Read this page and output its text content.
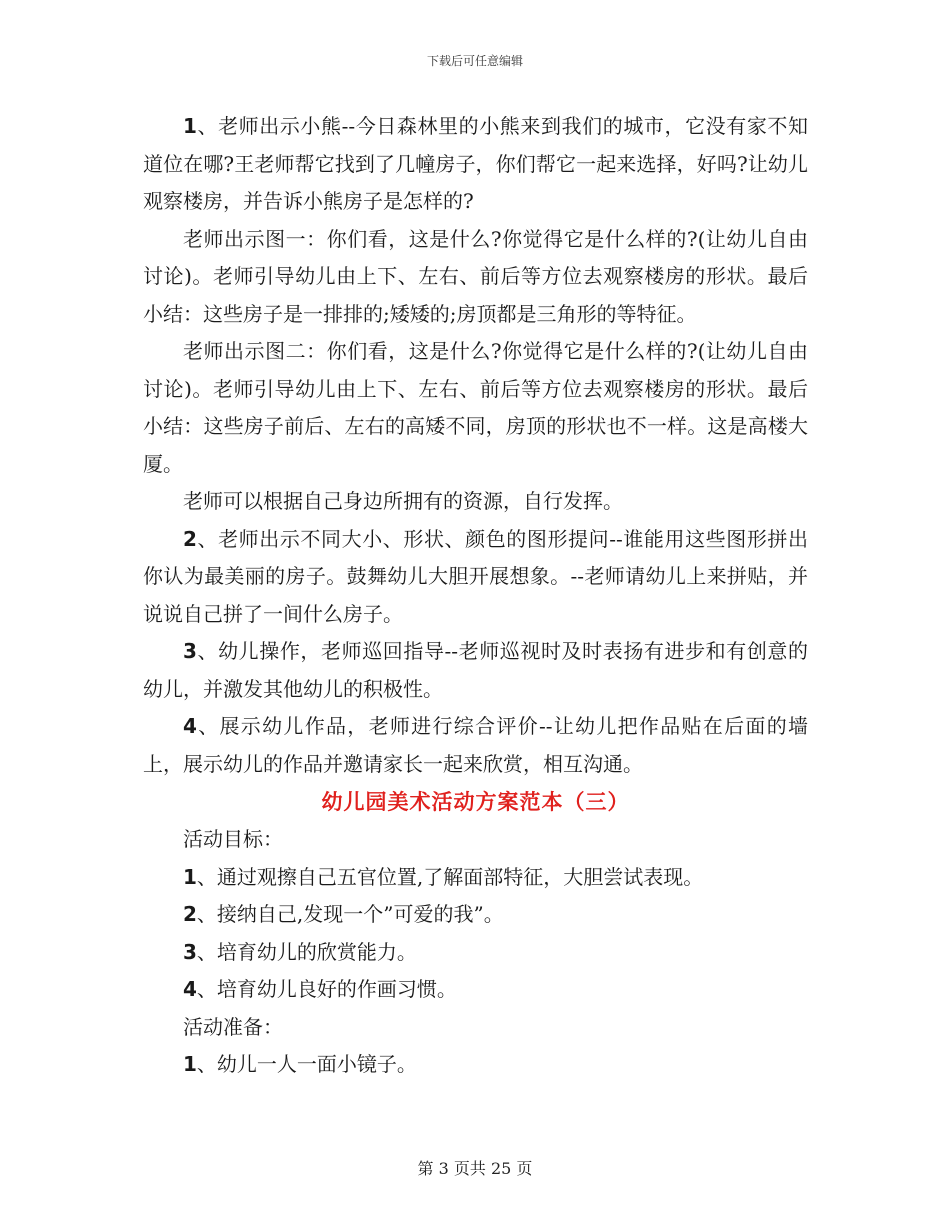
下载后可任意编辑

1、老师出示小熊--今日森林里的小熊来到我们的城市，它没有家不知道位在哪?王老师帮它找到了几幢房子，你们帮它一起来选择，好吗?让幼儿观察楼房，并告诉小熊房子是怎样的?

老师出示图一：你们看，这是什么?你觉得它是什么样的?(让幼儿自由讨论)。老师引导幼儿由上下、左右、前后等方位去观察楼房的形状。最后小结：这些房子是一排排的;矮矮的;房顶都是三角形的等特征。

老师出示图二：你们看，这是什么?你觉得它是什么样的?(让幼儿自由讨论)。老师引导幼儿由上下、左右、前后等方位去观察楼房的形状。最后小结：这些房子前后、左右的高矮不同，房顶的形状也不一样。这是高楼大厦。

老师可以根据自己身边所拥有的资源，自行发挥。

2、老师出示不同大小、形状、颜色的图形提问--谁能用这些图形拼出你认为最美丽的房子。鼓舞幼儿大胆开展想象。--老师请幼儿上来拼贴，并说说自己拼了一间什么房子。

3、幼儿操作，老师巡回指导--老师巡视时及时表扬有进步和有创意的幼儿，并激发其他幼儿的积极性。

4、展示幼儿作品，老师进行综合评价--让幼儿把作品贴在后面的墙上，展示幼儿的作品并邀请家长一起来欣赏，相互沟通。

幼儿园美术活动方案范本（三）

活动目标：

1、通过观擦自己五官位置,了解面部特征，大胆尝试表现。

2、接纳自己,发现一个”可爱的我”。

3、培育幼儿的欣赏能力。

4、培育幼儿良好的作画习惯。

活动准备：

1、幼儿一人一面小镜子。

第 3 页共 25 页
